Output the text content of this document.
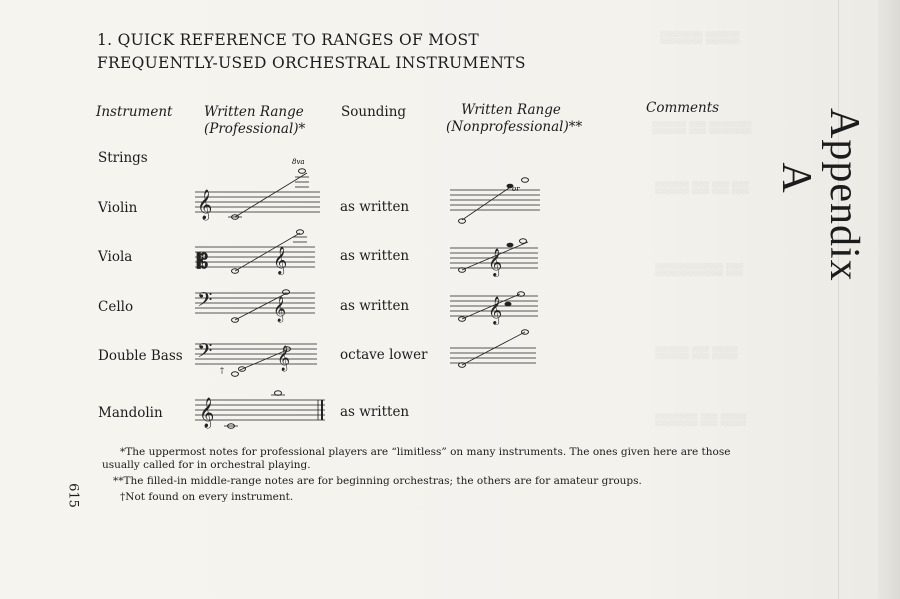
▒▒▒▒▒ ▒▒▒▒
▒▒▒▒ ▒▒ ▒▒▒▒▒
▒▒▒▒ ▒▒ ▒▒ ▒▒
▒▒▒▒▒▒▒▒ ▒▒
▒▒▒▒ ▒▒ ▒▒▒
▒▒▒▒▒ ▒▒ ▒▒▒
1. QUICK REFERENCE TO RANGES OF MOST
FREQUENTLY-USED ORCHESTRAL INSTRUMENTS
Instrument Written Range
(Professional)*
Sounding	Written Range
(Nonprofessional)**
Comments
Strings
Violin
Viola
Cello
Double Bass
Mandolin
as written
as written
as written
octave lower
as written
𝄞
𝄡
𝄢
𝄢
𝄞
𝄞
𝄞
𝄞
8va
†
𝄞
𝄞
or
*The uppermost notes for professional players are “limitless” on many instruments. The ones given here are those
usually called for in orchestral playing.
**The filled-in middle-range notes are for beginning orchestras; the others are for amateur groups.
†Not found on every instrument.
615
Appendix A
